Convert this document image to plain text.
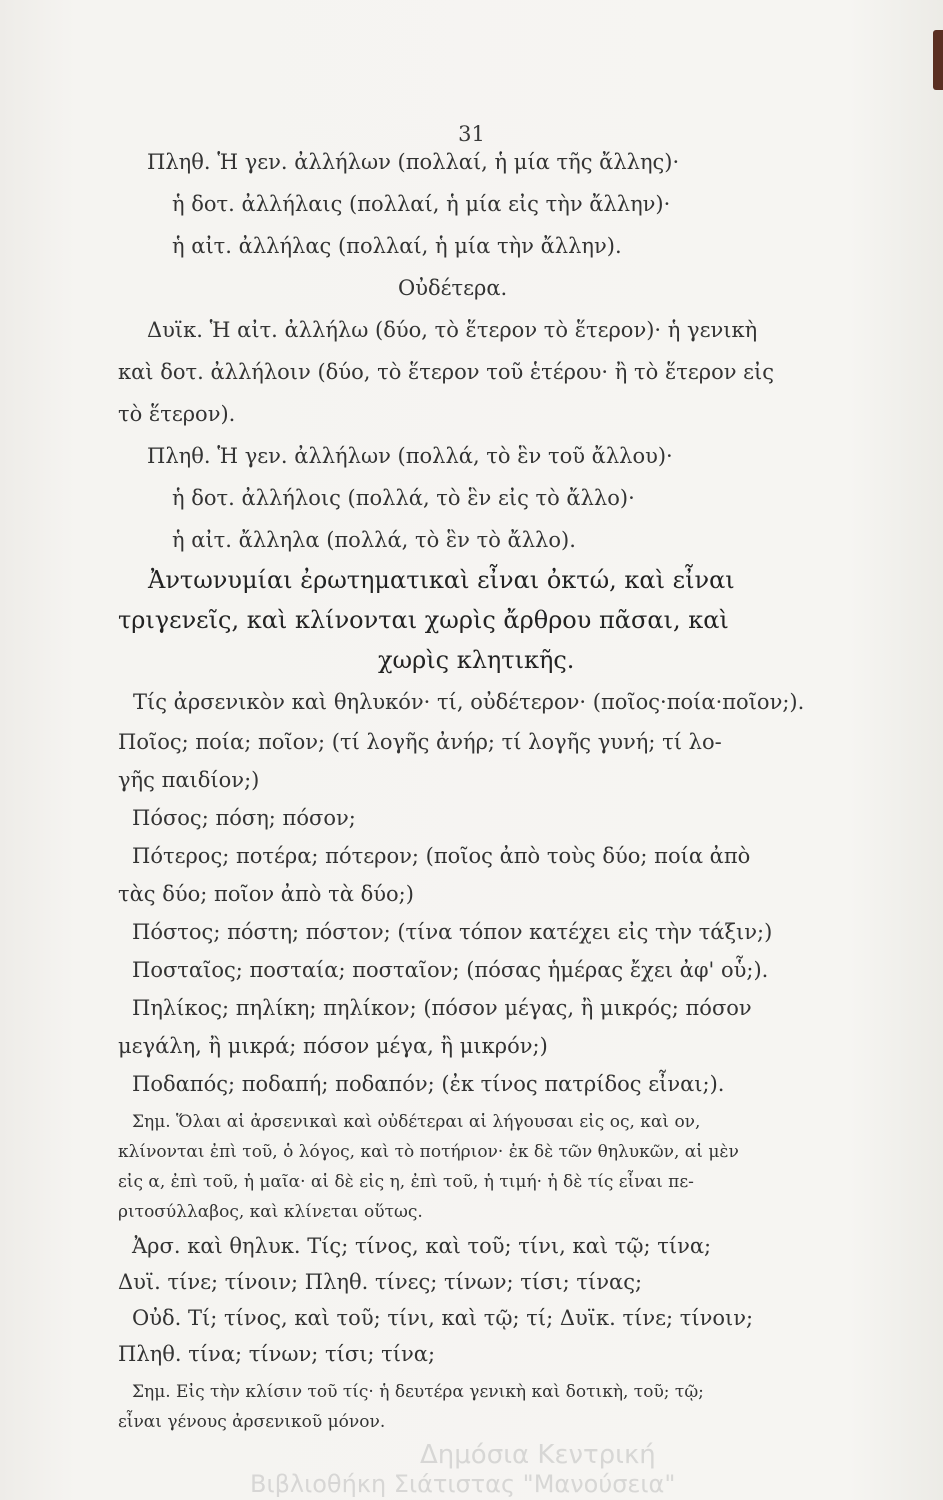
31
Πληθ. Ἡ γεν. ἀλλήλων (πολλαί, ἡ μία τῆς ἄλλης)·
ἡ δοτ. ἀλλήλαις (πολλαί, ἡ μία εἰς τὴν ἄλλην)·
ἡ αἰτ. ἀλλήλας (πολλαί, ἡ μία τὴν ἄλλην).
Οὐδέτερα.
Δυϊκ. Ἡ αἰτ. ἀλλήλω (δύο, τὸ ἕτερον τὸ ἕτερον)· ἡ γενικὴ
καὶ δοτ. ἀλλήλοιν (δύο, τὸ ἕτερον τοῦ ἑτέρου· ἢ τὸ ἕτερον εἰς
τὸ ἕτερον).
Πληθ. Ἡ γεν. ἀλλήλων (πολλά, τὸ ἓν τοῦ ἄλλου)·
ἡ δοτ. ἀλλήλοις (πολλά, τὸ ἓν εἰς τὸ ἄλλο)·
ἡ αἰτ. ἄλληλα (πολλά, τὸ ἓν τὸ ἄλλο).
Ἀντωνυμίαι ἐρωτηματικαὶ εἶναι ὀκτώ, καὶ εἶναι
τριγενεῖς, καὶ κλίνονται χωρὶς ἄρθρου πᾶσαι, καὶ
χωρὶς κλητικῆς.
Τίς ἀρσενικὸν καὶ θηλυκόν· τί, οὐδέτερον· (ποῖος·ποία·ποῖον;).
Ποῖος; ποία; ποῖον; (τί λογῆς ἀνήρ; τί λογῆς γυνή; τί λο-
γῆς παιδίον;)
Πόσος; πόση; πόσον;
Πότερος; ποτέρα; πότερον; (ποῖος ἀπὸ τοὺς δύο; ποία ἀπὸ
τὰς δύο; ποῖον ἀπὸ τὰ δύο;)
Πόστος; πόστη; πόστον; (τίνα τόπον κατέχει εἰς τὴν τάξιν;)
Ποσταῖος; ποσταία; ποσταῖον; (πόσας ἡμέρας ἔχει ἀφ' οὗ;).
Πηλίκος; πηλίκη; πηλίκον; (πόσον μέγας, ἢ μικρός; πόσον
μεγάλη, ἢ μικρά; πόσον μέγα, ἢ μικρόν;)
Ποδαπός; ποδαπή; ποδαπόν; (ἐκ τίνος πατρίδος εἶναι;).
Σημ. Ὅλαι αἱ ἀρσενικαὶ καὶ οὐδέτεραι αἱ λήγουσαι εἰς ος, καὶ ον,
κλίνονται ἐπὶ τοῦ, ὁ λόγος, καὶ τὸ ποτήριον· ἐκ δὲ τῶν θηλυκῶν, αἱ μὲν
εἰς α, ἐπὶ τοῦ, ἡ μαῖα· αἱ δὲ εἰς η, ἐπὶ τοῦ, ἡ τιμή· ἡ δὲ τίς εἶναι πε-
ριτοσύλλαβος, καὶ κλίνεται οὕτως.
Ἀρσ. καὶ θηλυκ. Τίς; τίνος, καὶ τοῦ; τίνι, καὶ τῷ; τίνα;
Δυϊ. τίνε; τίνοιν; Πληθ. τίνες; τίνων; τίσι; τίνας;
Οὐδ. Τί; τίνος, καὶ τοῦ; τίνι, καὶ τῷ; τί; Δυϊκ. τίνε; τίνοιν;
Πληθ. τίνα; τίνων; τίσι; τίνα;
Σημ. Εἰς τὴν κλίσιν τοῦ τίς· ἡ δευτέρα γενικὴ καὶ δοτικὴ, τοῦ; τῷ;
εἶναι γένους ἀρσενικοῦ μόνον.
Δημόσια Κεντρική
Βιβλιοθήκη Σιάτιστας "Μανούσεια"
